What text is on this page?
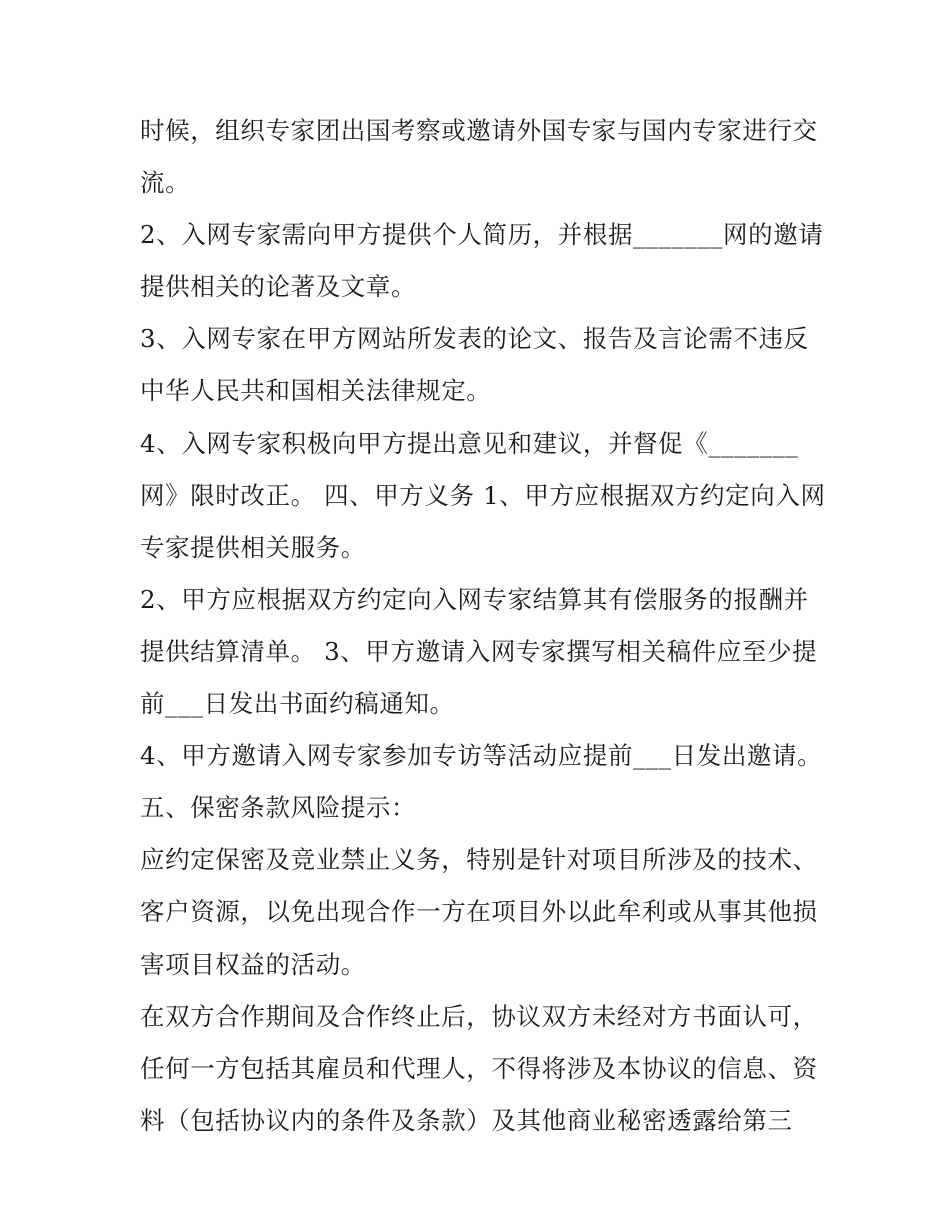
时候，组织专家团出国考察或邀请外国专家与国内专家进行交
流。
2、入网专家需向甲方提供个人简历，并根据_______网的邀请
提供相关的论著及文章。
3、入网专家在甲方网站所发表的论文、报告及言论需不违反
中华人民共和国相关法律规定。
4、入网专家积极向甲方提出意见和建议，并督促《_______
网》限时改正。 四、甲方义务 1、甲方应根据双方约定向入网
专家提供相关服务。
2、甲方应根据双方约定向入网专家结算其有偿服务的报酬并
提供结算清单。 3、甲方邀请入网专家撰写相关稿件应至少提
前___日发出书面约稿通知。
4、甲方邀请入网专家参加专访等活动应提前___日发出邀请。
五、保密条款风险提示：
应约定保密及竞业禁止义务，特别是针对项目所涉及的技术、
客户资源，以免出现合作一方在项目外以此牟利或从事其他损
害项目权益的活动。
在双方合作期间及合作终止后，协议双方未经对方书面认可，
任何一方包括其雇员和代理人，不得将涉及本协议的信息、资
料（包括协议内的条件及条款）及其他商业秘密透露给第三
